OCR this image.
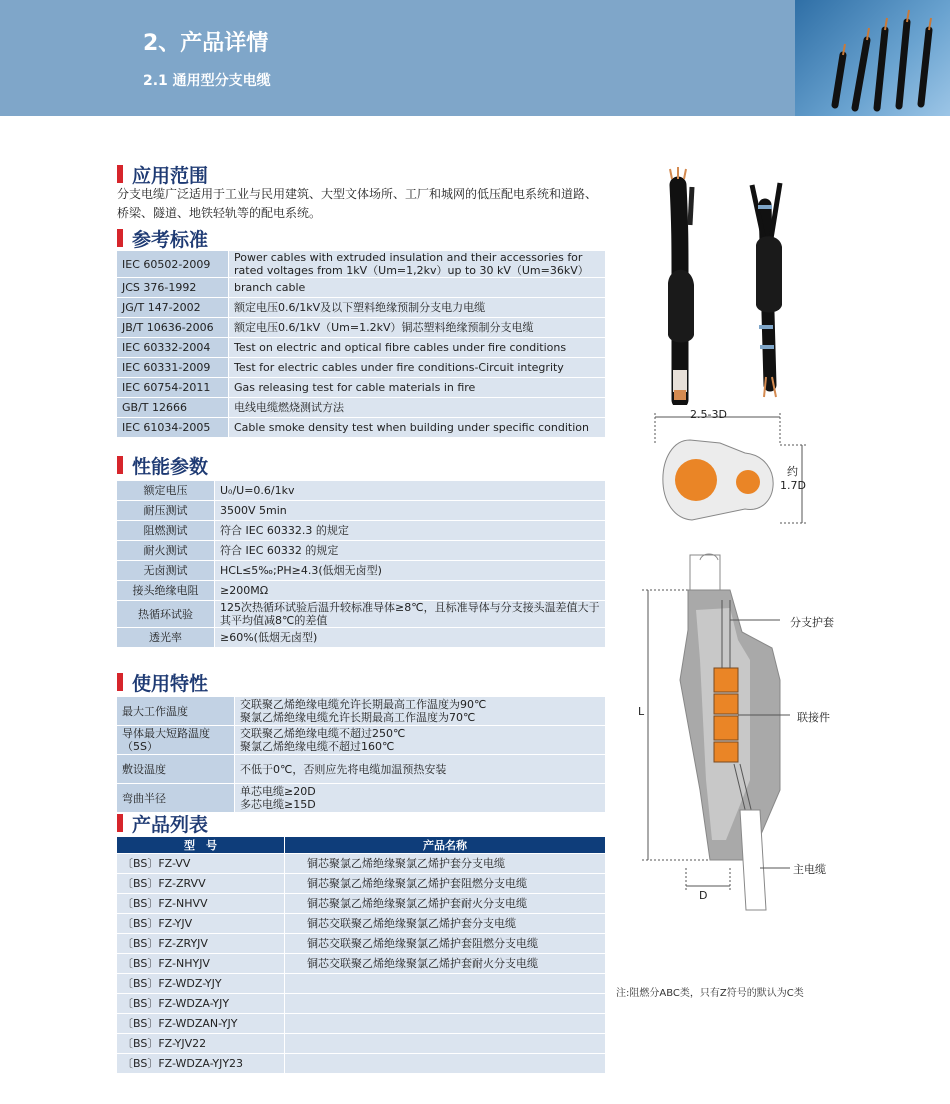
2、产品详情
2.1 通用型分支电缆
应用范围
分支电缆广泛适用于工业与民用建筑、大型文体场所、工厂和城网的低压配电系统和道路、桥梁、隧道、地铁轻轨等的配电系统。
参考标准
IEC 60502-2009	Power cables with extruded insulation and their accessories for rated voltages from 1kV（Um=1,2kv）up to 30 kV（Um=36kV）
JCS 376-1992	branch cable
JG/T 147-2002	额定电压0.6/1kV及以下塑料绝缘预制分支电力电缆
JB/T 10636-2006	额定电压0.6/1kV（Um=1.2kV）铜芯塑料绝缘预制分支电缆
IEC 60332-2004	Test on electric and optical fibre cables under fire conditions
IEC 60331-2009	Test for electric cables under fire conditions-Circuit integrity
IEC 60754-2011	Gas releasing test for cable materials in fire
GB/T 12666	电线电缆燃烧测试方法
IEC 61034-2005	Cable smoke density test when building under specific condition
性能参数
额定电压	U₀/U=0.6/1kv
耐压测试	3500V 5min
阻燃测试	符合 IEC 60332.3 的规定
耐火测试	符合 IEC 60332 的规定
无卤测试	HCL≤5‰;PH≥4.3(低烟无卤型)
接头绝缘电阻	≥200MΩ
热循环试验	125次热循环试验后温升较标准导体≥8℃，且标准导体与分支接头温差值大于其平均值减8℃的差值
透光率	≥60%(低烟无卤型)
使用特性
最大工作温度	交联聚乙烯绝缘电缆允许长期最高工作温度为90℃
聚氯乙烯绝缘电缆允许长期最高工作温度为70℃

导体最大短路温度（5S）	交联聚乙烯绝缘电缆不超过250℃
聚氯乙烯绝缘电缆不超过160℃

敷设温度	不低于0℃，否则应先将电缆加温预热安装

弯曲半径	单芯电缆≥20D
多芯电缆≥15D
产品列表
型　号	产品名称
〔BS〕FZ-VV	铜芯聚氯乙烯绝缘聚氯乙烯护套分支电缆
〔BS〕FZ-ZRVV	铜芯聚氯乙烯绝缘聚氯乙烯护套阻燃分支电缆
〔BS〕FZ-NHVV	铜芯聚氯乙烯绝缘聚氯乙烯护套耐火分支电缆
〔BS〕FZ-YJV	铜芯交联聚乙烯绝缘聚氯乙烯护套分支电缆
〔BS〕FZ-ZRYJV	铜芯交联聚乙烯绝缘聚氯乙烯护套阻燃分支电缆
〔BS〕FZ-NHYJV	铜芯交联聚乙烯绝缘聚氯乙烯护套耐火分支电缆
〔BS〕FZ-WDZ-YJY	
〔BS〕FZ-WDZA-YJY	
〔BS〕FZ-WDZAN-YJY	
〔BS〕FZ-YJV22	
〔BS〕FZ-WDZA-YJY23	
2.5-3D
约
1.7D
分支护套
联接件
主电缆
L
D
注:阻燃分ABC类，只有Z符号的默认为C类
